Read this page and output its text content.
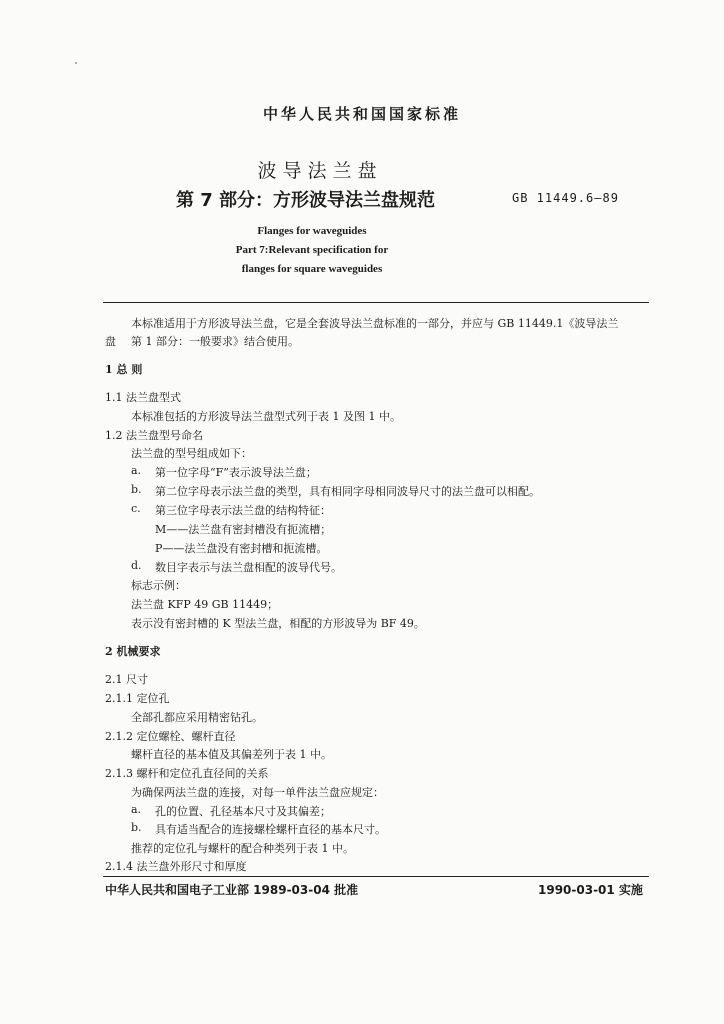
中华人民共和国国家标准
波导法兰盘
第 7 部分：方形波导法兰盘规范	GB 11449.6—89
Flanges for waveguides
Part 7:Relevant specification for
flanges for square waveguides
本标准适用于方形波导法兰盘，它是全套波导法兰盘标准的一部分，并应与 GB 11449.1《波导法兰
盘 第 1 部分：一般要求》结合使用。
1 总 则
1.1 法兰盘型式
本标准包括的方形波导法兰盘型式列于表 1 及图 1 中。
1.2 法兰盘型号命名
法兰盘的型号组成如下：
a. 第一位字母“F”表示波导法兰盘；
b. 第二位字母表示法兰盘的类型，具有相同字母相同波导尺寸的法兰盘可以相配。
c. 第三位字母表示法兰盘的结构特征：
M——法兰盘有密封槽没有扼流槽；
P——法兰盘没有密封槽和扼流槽。
d. 数目字表示与法兰盘相配的波导代号。
标志示例：
法兰盘 KFP 49 GB 11449；
表示没有密封槽的 K 型法兰盘，相配的方形波导为 BF 49。
2 机械要求
2.1 尺寸
2.1.1 定位孔
全部孔都应采用精密钻孔。
2.1.2 定位螺栓、螺杆直径
螺杆直径的基本值及其偏差列于表 1 中。
2.1.3 螺杆和定位孔直径间的关系
为确保两法兰盘的连接，对每一单件法兰盘应规定：
a. 孔的位置、孔径基本尺寸及其偏差；
b. 具有适当配合的连接螺栓螺杆直径的基本尺寸。
推荐的定位孔与螺杆的配合种类列于表 1 中。
2.1.4 法兰盘外形尺寸和厚度
中华人民共和国电子工业部 1989-03-04 批准	1990-03-01 实施
